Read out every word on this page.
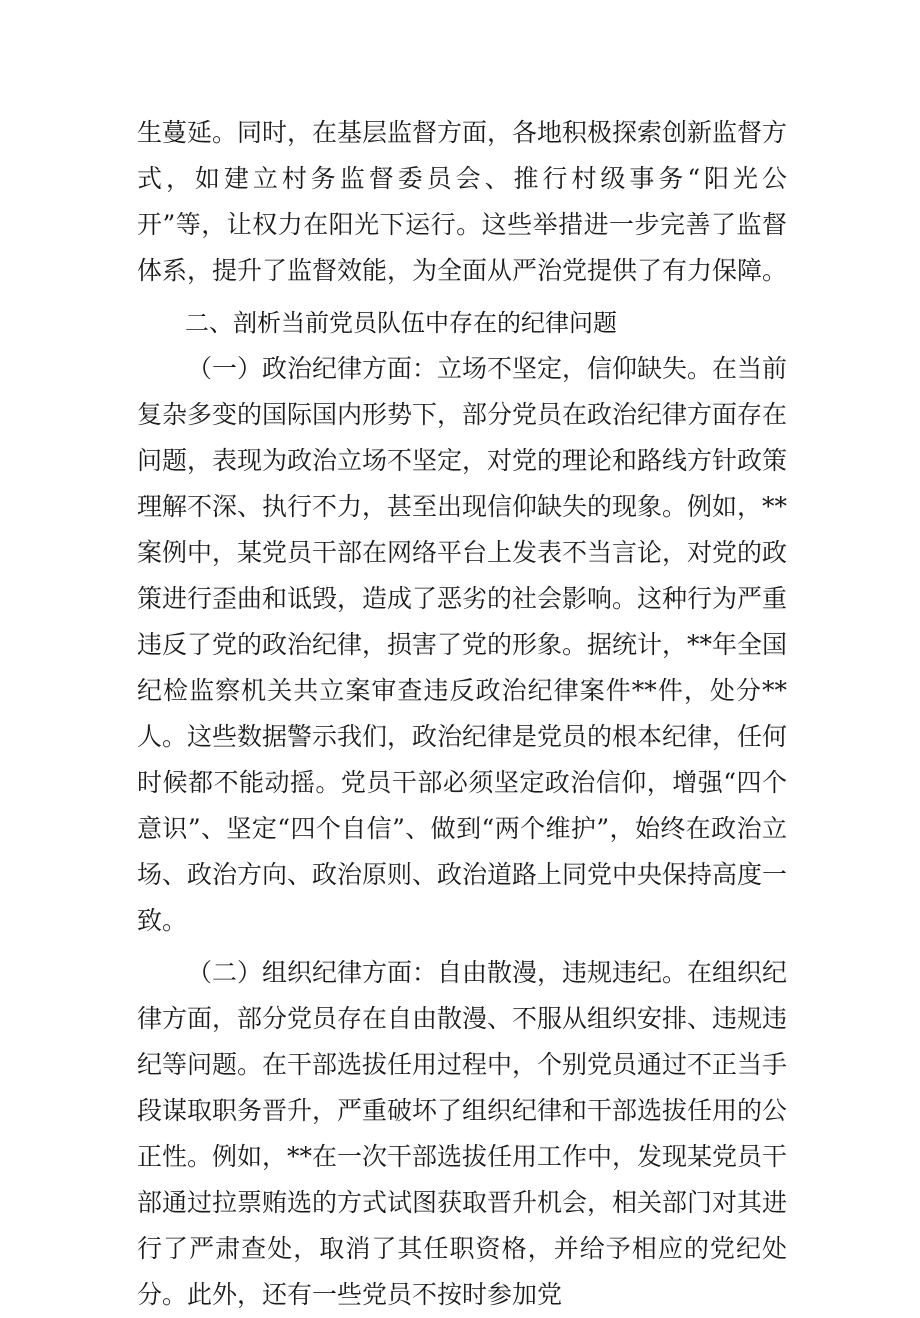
生蔓延。同时，在基层监督方面，各地积极探索创新监督方式，如建立村务监督委员会、推行村级事务“阳光公开”等，让权力在阳光下运行。这些举措进一步完善了监督体系，提升了监督效能，为全面从严治党提供了有力保障。

二、剖析当前党员队伍中存在的纪律问题

（一）政治纪律方面：立场不坚定，信仰缺失。在当前复杂多变的国际国内形势下，部分党员在政治纪律方面存在问题，表现为政治立场不坚定，对党的理论和路线方针政策理解不深、执行不力，甚至出现信仰缺失的现象。例如，**案例中，某党员干部在网络平台上发表不当言论，对党的政策进行歪曲和诋毁，造成了恶劣的社会影响。这种行为严重违反了党的政治纪律，损害了党的形象。据统计，**年全国纪检监察机关共立案审查违反政治纪律案件**件，处分**人。这些数据警示我们，政治纪律是党员的根本纪律，任何时候都不能动摇。党员干部必须坚定政治信仰，增强“四个意识”、坚定“四个自信”、做到“两个维护”，始终在政治立场、政治方向、政治原则、政治道路上同党中央保持高度一致。

（二）组织纪律方面：自由散漫，违规违纪。在组织纪律方面，部分党员存在自由散漫、不服从组织安排、违规违纪等问题。在干部选拔任用过程中，个别党员通过不正当手段谋取职务晋升，严重破坏了组织纪律和干部选拔任用的公正性。例如，**在一次干部选拔任用工作中，发现某党员干部通过拉票贿选的方式试图获取晋升机会，相关部门对其进行了严肃查处，取消了其任职资格，并给予相应的党纪处分。此外，还有一些党员不按时参加党
